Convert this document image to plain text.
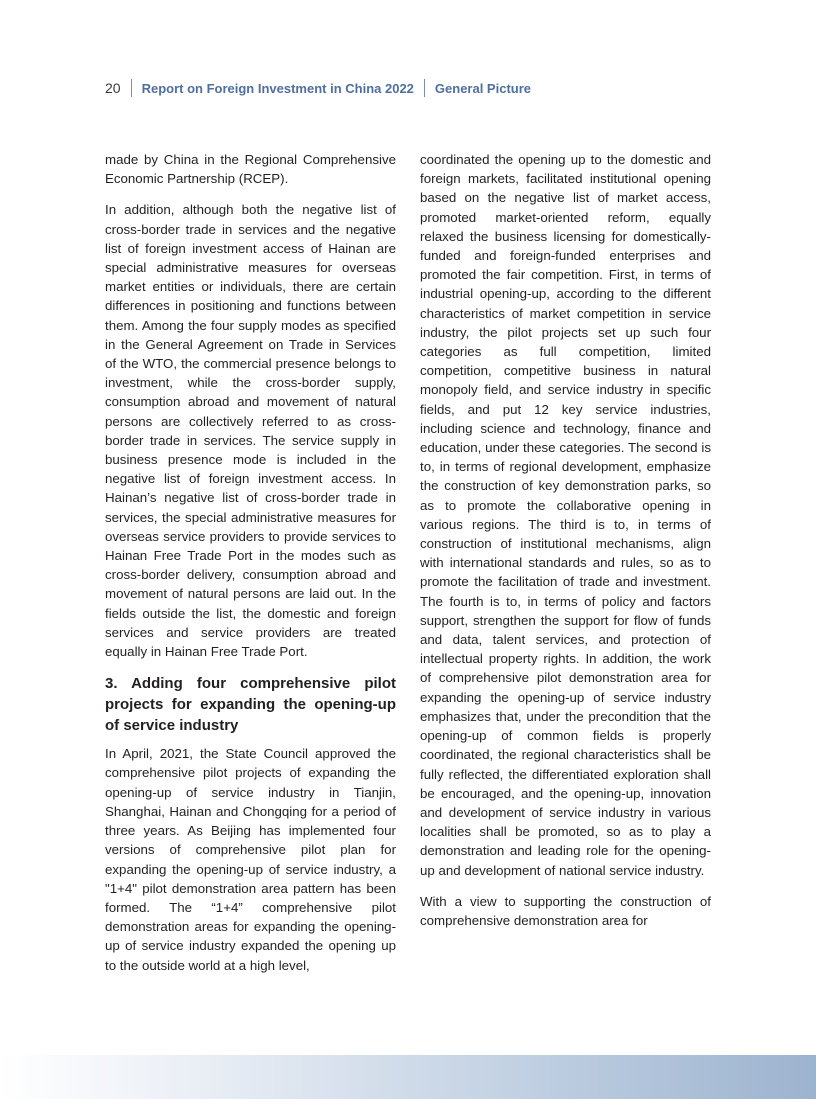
20 Report on Foreign Investment in China 2022 General Picture

made by China in the Regional Comprehensive Economic Partnership (RCEP).

In addition, although both the negative list of cross-border trade in services and the negative list of foreign investment access of Hainan are special administrative measures for overseas market entities or individuals, there are certain differences in positioning and functions between them. Among the four supply modes as specified in the General Agreement on Trade in Services of the WTO, the commercial presence belongs to investment, while the cross-border supply, consumption abroad and movement of natural persons are collectively referred to as cross-border trade in services. The service supply in business presence mode is included in the negative list of foreign investment access. In Hainan’s negative list of cross-border trade in services, the special administrative measures for overseas service providers to provide services to Hainan Free Trade Port in the modes such as cross-border delivery, consumption abroad and movement of natural persons are laid out. In the fields outside the list, the domestic and foreign services and service providers are treated equally in Hainan Free Trade Port.

3. Adding four comprehensive pilot projects for expanding the opening-up of service industry

In April, 2021, the State Council approved the comprehensive pilot projects of expanding the opening-up of service industry in Tianjin, Shanghai, Hainan and Chongqing for a period of three years. As Beijing has implemented four versions of comprehensive pilot plan for expanding the opening-up of service industry, a "1+4" pilot demonstration area pattern has been formed. The “1+4” comprehensive pilot demonstration areas for expanding the opening-up of service industry expanded the opening up to the outside world at a high level,

coordinated the opening up to the domestic and foreign markets, facilitated institutional opening based on the negative list of market access, promoted market-oriented reform, equally relaxed the business licensing for domestically-funded and foreign-funded enterprises and promoted the fair competition. First, in terms of industrial opening-up, according to the different characteristics of market competition in service industry, the pilot projects set up such four categories as full competition, limited competition, competitive business in natural monopoly field, and service industry in specific fields, and put 12 key service industries, including science and technology, finance and education, under these categories. The second is to, in terms of regional development, emphasize the construction of key demonstration parks, so as to promote the collaborative opening in various regions. The third is to, in terms of construction of institutional mechanisms, align with international standards and rules, so as to promote the facilitation of trade and investment. The fourth is to, in terms of policy and factors support, strengthen the support for flow of funds and data, talent services, and protection of intellectual property rights. In addition, the work of comprehensive pilot demonstration area for expanding the opening-up of service industry emphasizes that, under the precondition that the opening-up of common fields is properly coordinated, the regional characteristics shall be fully reflected, the differentiated exploration shall be encouraged, and the opening-up, innovation and development of service industry in various localities shall be promoted, so as to play a demonstration and leading role for the opening-up and development of national service industry.

With a view to supporting the construction of comprehensive demonstration area for
